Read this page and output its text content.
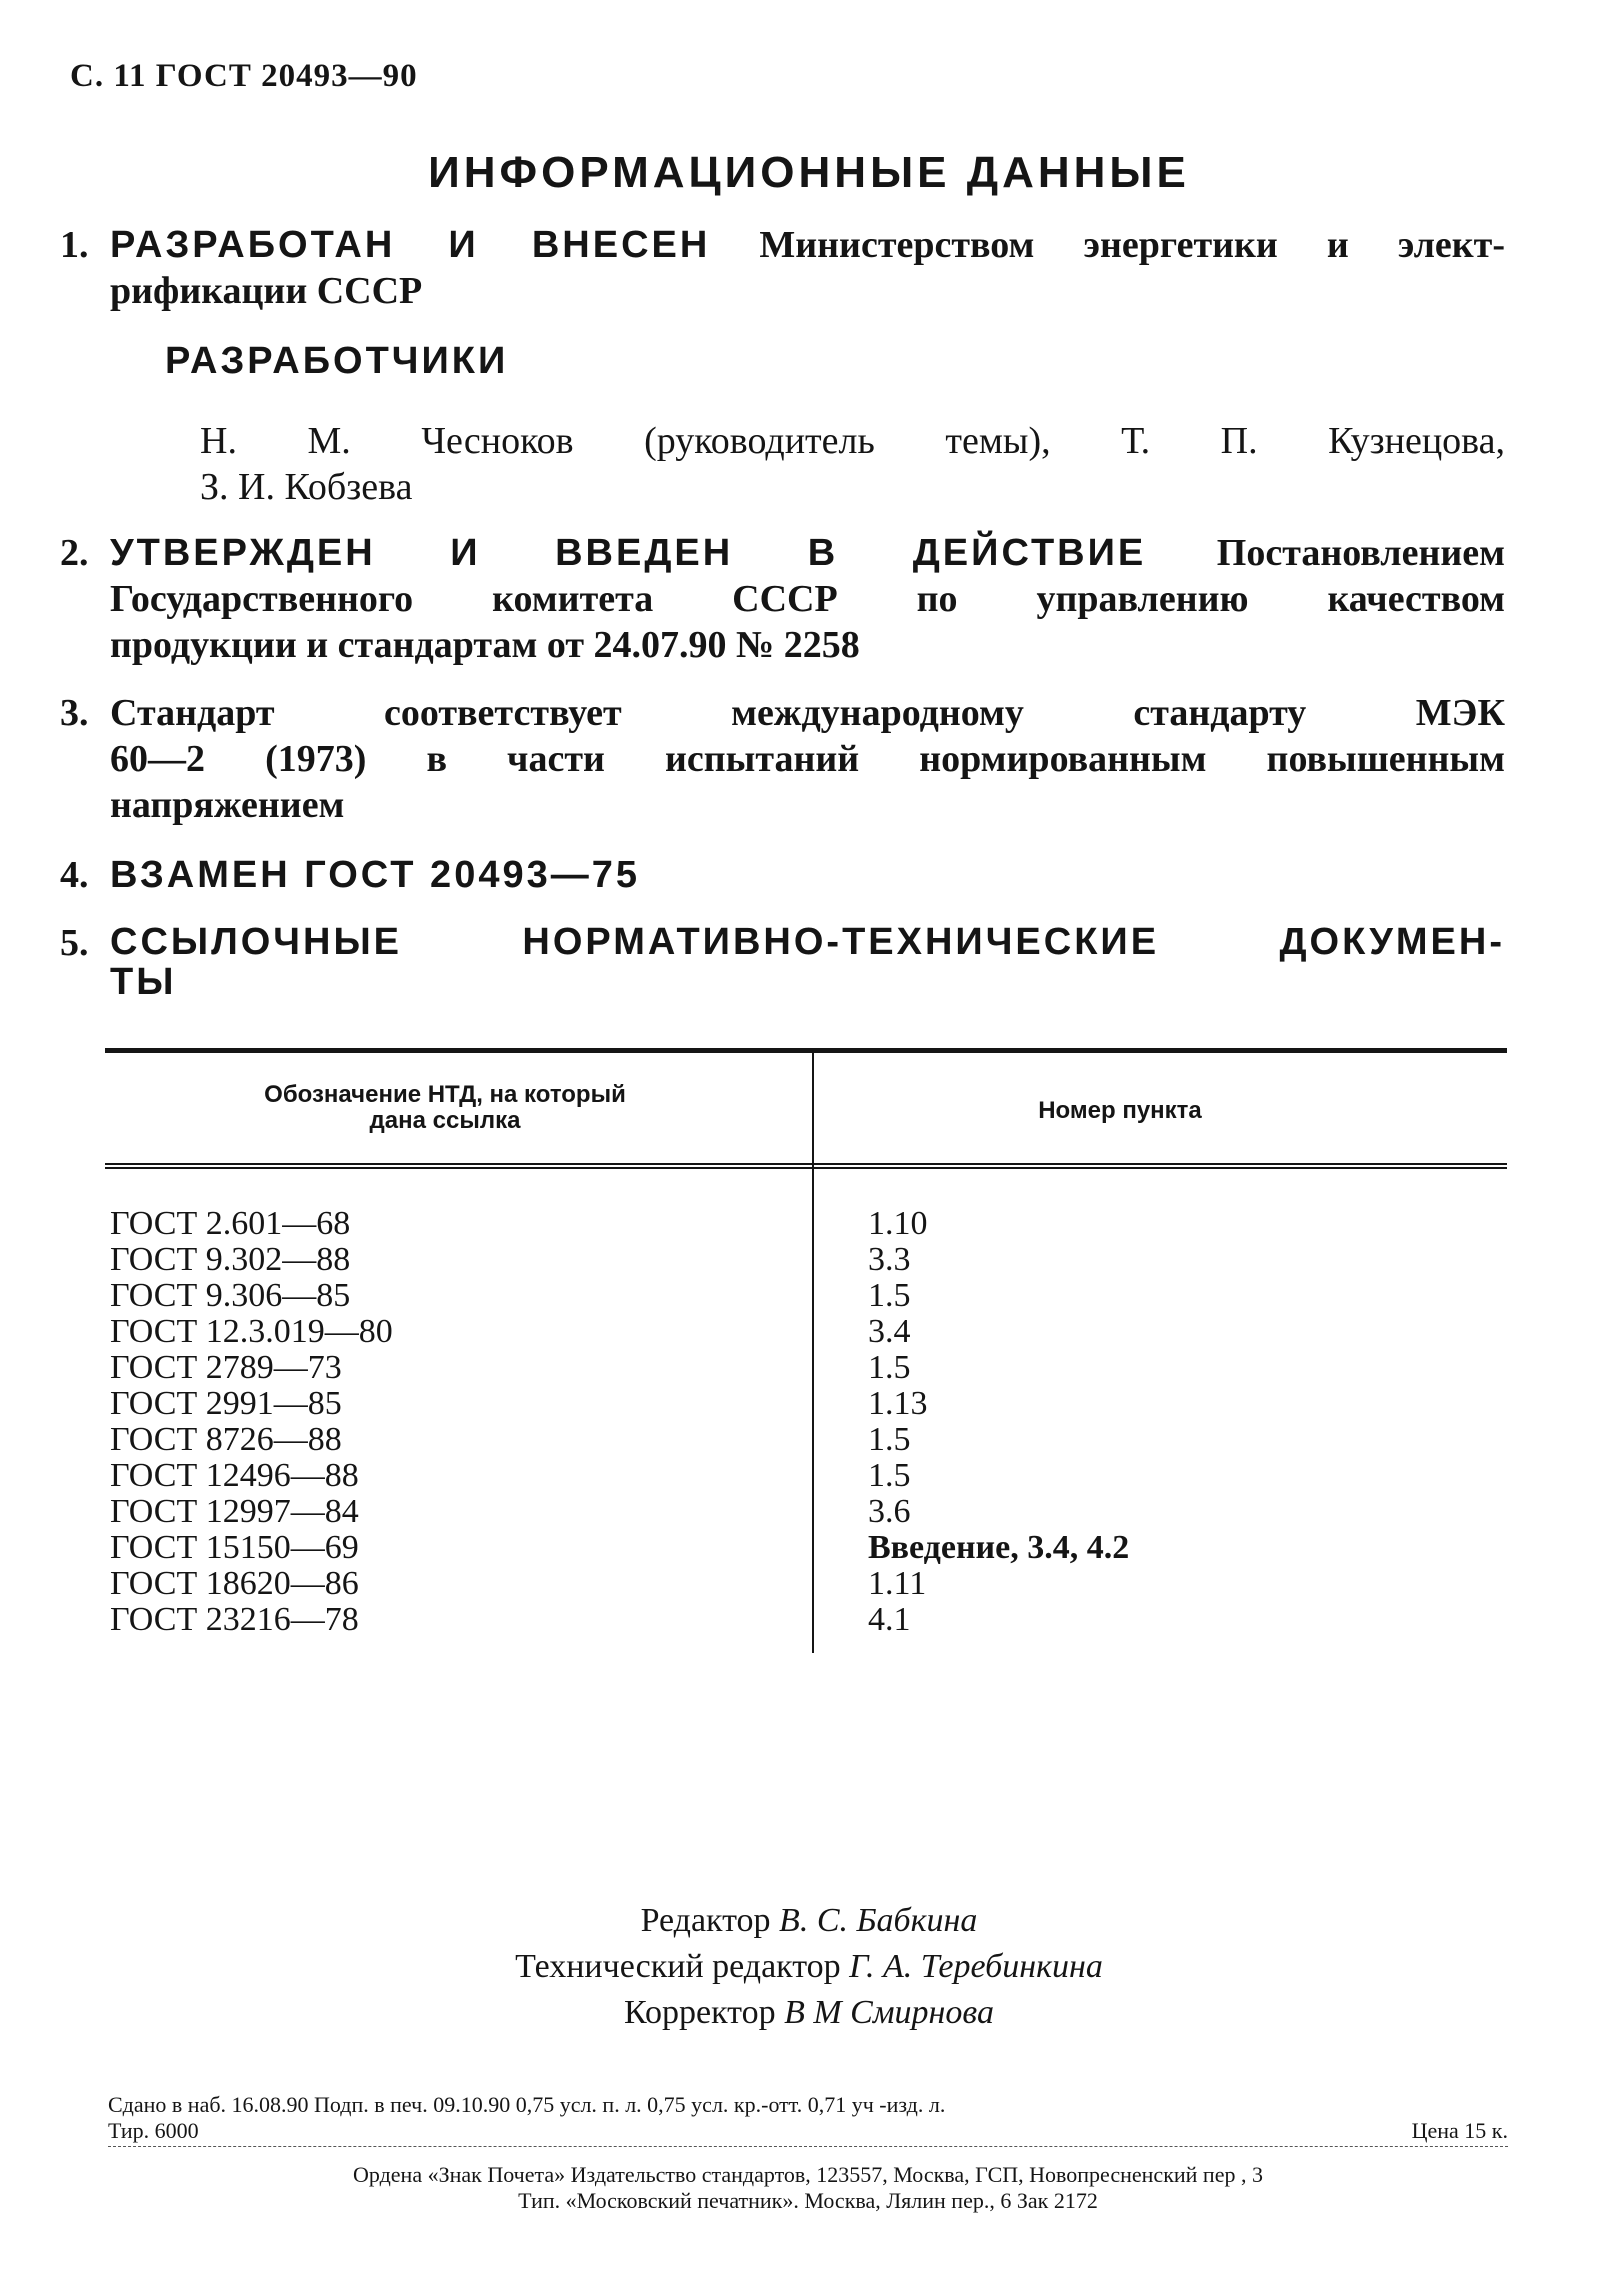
С. 11 ГОСТ 20493—90
ИНФОРМАЦИОННЫЕ ДАННЫЕ
1. РАЗРАБОТАН И ВНЕСЕН Министерством энергетики и элект-
рификации СССР
РАЗРАБОТЧИКИ
Н. М. Чесноков (руководитель темы), Т. П. Кузнецова,
З. И. Кобзева
2. УТВЕРЖДЕН И ВВЕДЕН В ДЕЙСТВИЕ Постановлением
Государственного комитета СССР по управлению качеством
продукции и стандартам от 24.07.90 № 2258
3. Стандарт соответствует международному стандарту МЭК
60—2 (1973) в части испытаний нормированным повышенным
напряжением
4. ВЗАМЕН ГОСТ 20493—75
5. ССЫЛОЧНЫЕ НОРМАТИВНО-ТЕХНИЧЕСКИЕ ДОКУМЕН-
ТЫ
Обозначение НТД, на который
дана ссылка	Номер пункта
ГОСТ 2.601—68
ГОСТ 9.302—88
ГОСТ 9.306—85
ГОСТ 12.3.019—80
ГОСТ 2789—73
ГОСТ 2991—85
ГОСТ 8726—88
ГОСТ 12496—88
ГОСТ 12997—84
ГОСТ 15150—69
ГОСТ 18620—86
ГОСТ 23216—78
1.10
3.3
1.5
3.4
1.5
1.13
1.5
1.5
3.6
Введение, 3.4, 4.2
1.11
4.1
Редактор В. С. Бабкина
Технический редактор Г. А. Теребинкина
Корректор В М Смирнова
Сдано в наб. 16.08.90 Подп. в печ. 09.10.90 0,75 усл. п. л. 0,75 усл. кр.-отт. 0,71 уч -изд. л.
Тир. 6000	Цена 15 к.
Ордена «Знак Почета» Издательство стандартов, 123557, Москва, ГСП, Новопресненский пер , 3
Тип. «Московский печатник». Москва, Лялин пер., 6 Зак 2172
